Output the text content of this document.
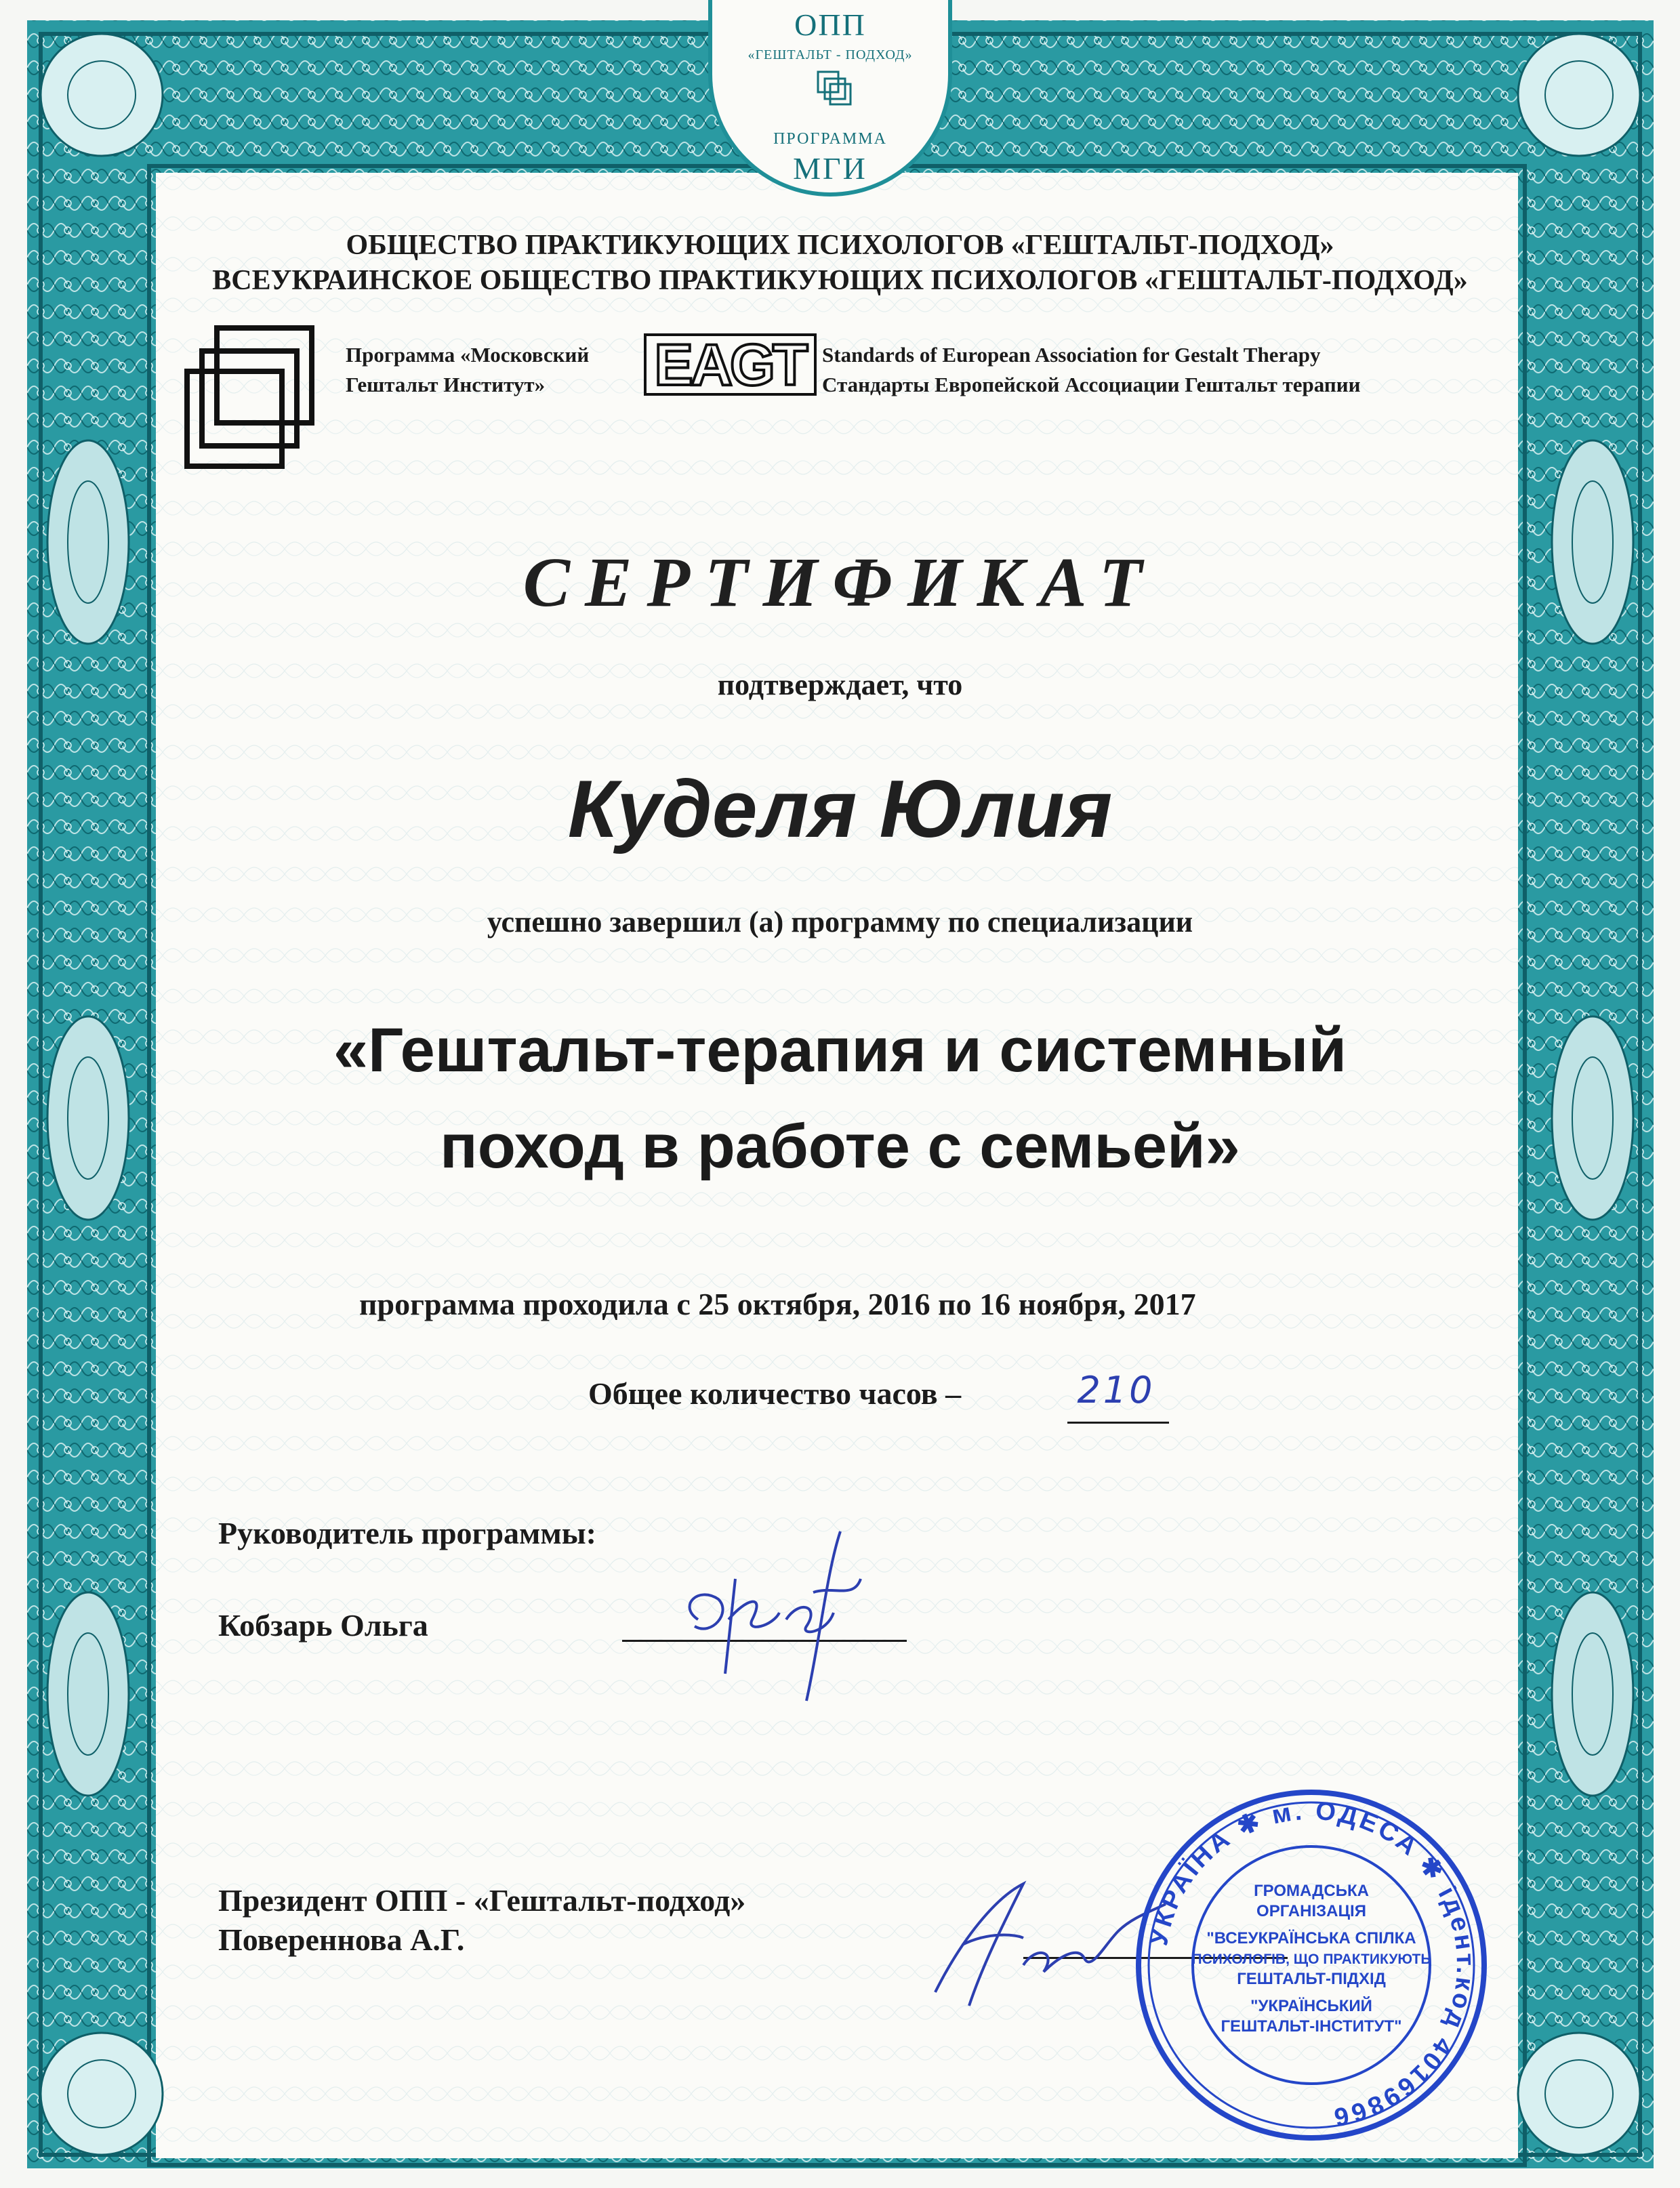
ОПП
«ГЕШТАЛЬТ - ПОДХОД»
ПРОГРАММА
МГИ
ОБЩЕСТВО ПРАКТИКУЮЩИХ ПСИХОЛОГОВ «ГЕШТАЛЬТ-ПОДХОД»
ВСЕУКРАИНСКОЕ ОБЩЕСТВО ПРАКТИКУЮЩИХ ПСИХОЛОГОВ «ГЕШТАЛЬТ-ПОДХОД»
Программа «Московский
Гештальт Институт» EAGT Standards of European Association for Gestalt Therapy
Стандарты Европейской Ассоциации Гештальт терапии
СЕРТИФИКАТ
подтверждает, что
Куделя Юлия
успешно завершил (а) программу по специализации
«Гештальт-терапия и системный
поход в работе с семьей»
программа проходила с 25 октября, 2016 по 16 ноября, 2017
Общее количество часов –	210
Руководитель программы:
Кобзарь Ольга
Президент ОПП - «Гештальт-подход»
Повереннова А.Г.	УКРАЇНА ✱ м. ОДЕСА ✱ ідент.код 40169866
ГРОМАДСЬКА
ОРГАНІЗАЦІЯ
"ВСЕУКРАЇНСЬКА СПІЛКА
ПСИХОЛОГІВ, ЩО ПРАКТИКУЮТЬ
ГЕШТАЛЬТ-ПІДХІД
"УКРАЇНСЬКИЙ
ГЕШТАЛЬТ-ІНСТИТУТ"
